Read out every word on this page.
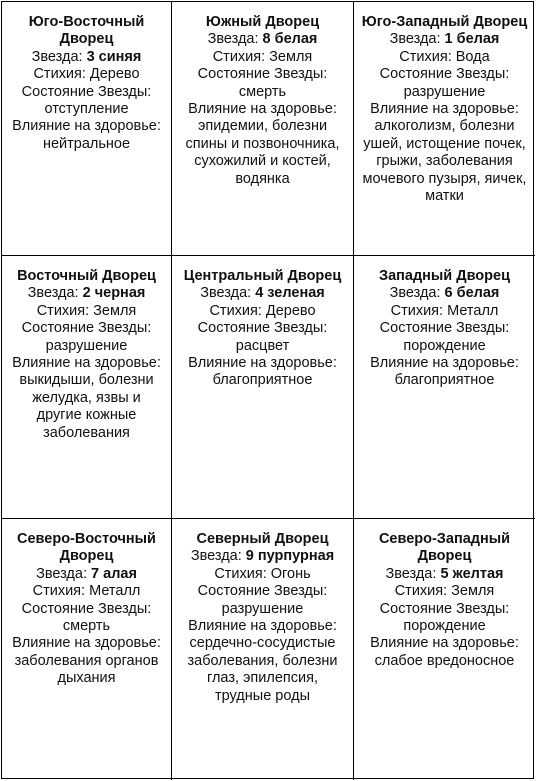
Юго-Восточный Дворец
Звезда: 3 синяя
Стихия: Дерево
Состояние Звезды:
отступление
Влияние на здоровье:
нейтральное
Южный Дворец
Звезда: 8 белая
Стихия: Земля
Состояние Звезды:
смерть
Влияние на здоровье:
эпидемии, болезни спины и позвоночника, сухожилий и костей, водянка
Юго-Западный Дворец
Звезда: 1 белая
Стихия: Вода
Состояние Звезды:
разрушение
Влияние на здоровье:
алкоголизм, болезни ушей, истощение почек, грыжи, заболевания мочевого пузыря, яичек, матки
Восточный Дворец
Звезда: 2 черная
Стихия: Земля
Состояние Звезды:
разрушение
Влияние на здоровье:
выкидыши, болезни желудка, язвы и другие кожные заболевания
Центральный Дворец
Звезда: 4 зеленая
Стихия: Дерево
Состояние Звезды:
расцвет
Влияние на здоровье:
благоприятное
Западный Дворец
Звезда: 6 белая
Стихия: Металл
Состояние Звезды:
порождение
Влияние на здоровье:
благоприятное
Северо-Восточный Дворец
Звезда: 7 алая
Стихия: Металл
Состояние Звезды:
смерть
Влияние на здоровье:
заболевания органов дыхания
Северный Дворец
Звезда: 9 пурпурная
Стихия: Огонь
Состояние Звезды:
разрушение
Влияние на здоровье:
сердечно-сосудистые заболевания, болезни глаз, эпилепсия, трудные роды
Северо-Западный Дворец
Звезда: 5 желтая
Стихия: Земля
Состояние Звезды:
порождение
Влияние на здоровье:
слабое вредоносное
